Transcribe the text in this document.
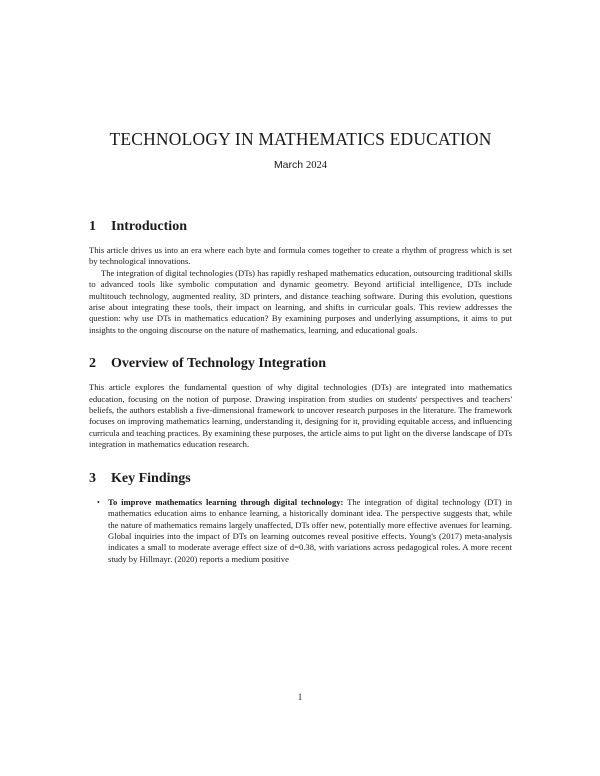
TECHNOLOGY IN MATHEMATICS EDUCATION
March 2024
1	Introduction

This article drives us into an era where each byte and formula comes together to create a rhythm of progress which is set by technological innovations.

The integration of digital technologies (DTs) has rapidly reshaped mathematics education, outsourcing traditional skills to advanced tools like symbolic computation and dynamic geometry. Beyond artificial intelligence, DTs include multitouch technology, augmented reality, 3D printers, and distance teaching software. During this evolution, questions arise about integrating these tools, their impact on learning, and shifts in curricular goals. This review addresses the question: why use DTs in mathematics education? By examining purposes and underlying assumptions, it aims to put insights to the ongoing discourse on the nature of mathematics, learning, and educational goals.

2	Overview of Technology Integration

This article explores the fundamental question of why digital technologies (DTs) are integrated into mathematics education, focusing on the notion of purpose. Drawing inspiration from studies on students' perspectives and teachers' beliefs, the authors establish a five-dimensional framework to uncover research purposes in the literature. The framework focuses on improving mathematics learning, understanding it, designing for it, providing equitable access, and influencing curricula and teaching practices. By examining these purposes, the article aims to put light on the diverse landscape of DTs integration in mathematics education research.

3	Key Findings
• To improve mathematics learning through digital technology: The integration of digital technology (DT) in mathematics education aims to enhance learning, a historically dominant idea. The perspective suggests that, while the nature of mathematics remains largely unaffected, DTs offer new, potentially more effective avenues for learning. Global inquiries into the impact of DTs on learning outcomes reveal positive effects. Young's (2017) meta-analysis indicates a small to moderate average effect size of d=0.38, with variations across pedagogical roles. A more recent study by Hillmayr. (2020) reports a medium positive
1
